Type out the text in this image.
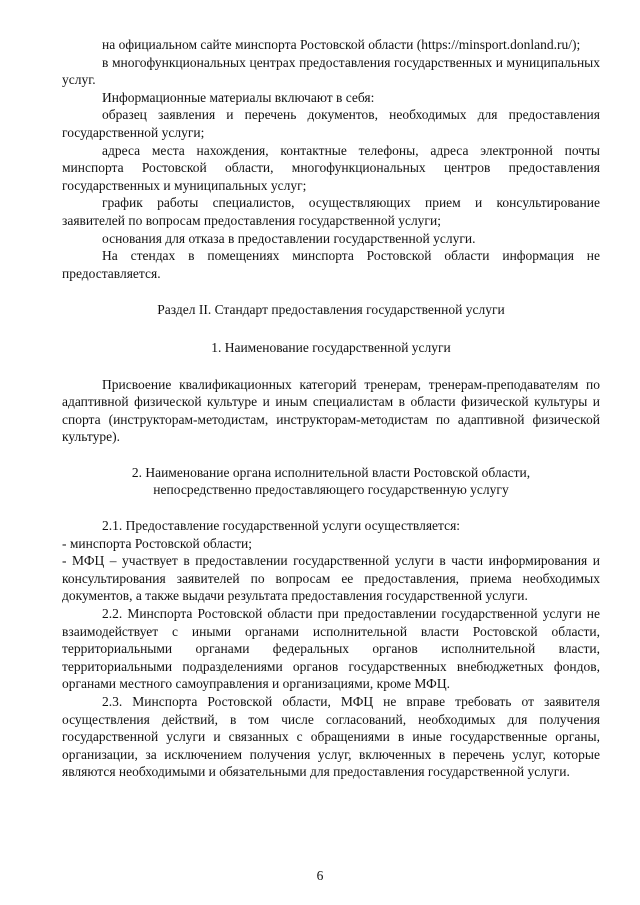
на официальном сайте минспорта Ростовской области (https://minsport.donland.ru/);

в многофункциональных центрах предоставления государственных и муниципальных услуг.

Информационные материалы включают в себя:

образец заявления и перечень документов, необходимых для предоставления государственной услуги;

адреса места нахождения, контактные телефоны, адреса электронной почты минспорта Ростовской области, многофункциональных центров предоставления государственных и муниципальных услуг;

график работы специалистов, осуществляющих прием и консультирование заявителей по вопросам предоставления государственной услуги;

основания для отказа в предоставлении государственной услуги.

На стендах в помещениях минспорта Ростовской области информация не предоставляется.

Раздел II. Стандарт предоставления государственной услуги

1. Наименование государственной услуги

Присвоение квалификационных категорий тренерам, тренерам-преподавателям по адаптивной физической культуре и иным специалистам в области физической культуры и спорта (инструкторам-методистам, инструкторам-методистам по адаптивной физической культуре).

2. Наименование органа исполнительной власти Ростовской области,
непосредственно предоставляющего государственную услугу

2.1. Предоставление государственной услуги осуществляется:

- минспорта Ростовской области;

- МФЦ – участвует в предоставлении государственной услуги в части информирования и консультирования заявителей по вопросам ее предоставления, приема необходимых документов, а также выдачи результата предоставления государственной услуги.

2.2. Минспорта Ростовской области при предоставлении государственной услуги не взаимодействует с иными органами исполнительной власти Ростовской области, территориальными органами федеральных органов исполнительной власти, территориальными подразделениями органов государственных внебюджетных фондов, органами местного самоуправления и организациями, кроме МФЦ.

2.3. Минспорта Ростовской области, МФЦ не вправе требовать от заявителя осуществления действий, в том числе согласований, необходимых для получения государственной услуги и связанных с обращениями в иные государственные органы, организации, за исключением получения услуг, включенных в перечень услуг, которые являются необходимыми и обязательными для предоставления государственной услуги.

6
